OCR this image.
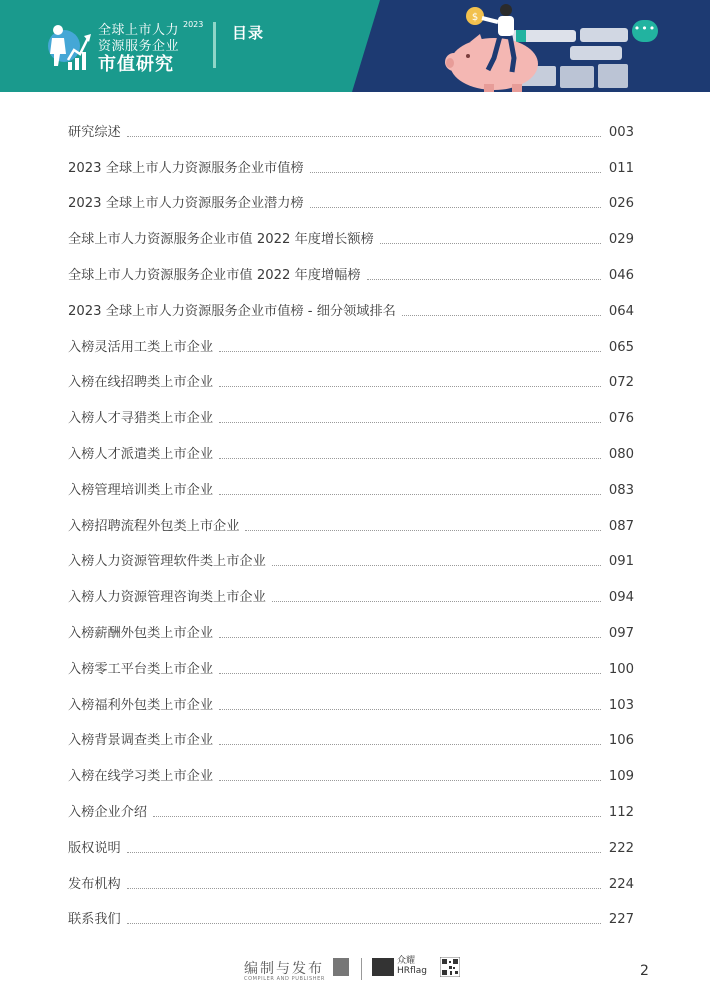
全球上市人力 2023
资源服务企业
市值研究
目录
$
•••
研究综述	003
2023 全球上市人力资源服务企业市值榜	011
2023 全球上市人力资源服务企业潜力榜	026
全球上市人力资源服务企业市值 2022 年度增长额榜	029
全球上市人力资源服务企业市值 2022 年度增幅榜	046
2023 全球上市人力资源服务企业市值榜 - 细分领域排名	064
入榜灵活用工类上市企业	065
入榜在线招聘类上市企业	072
入榜人才寻猎类上市企业	076
入榜人才派遣类上市企业	080
入榜管理培训类上市企业	083
入榜招聘流程外包类上市企业	087
入榜人力资源管理软件类上市企业	091
入榜人力资源管理咨询类上市企业	094
入榜薪酬外包类上市企业	097
入榜零工平台类上市企业	100
入榜福利外包类上市企业	103
入榜背景调查类上市企业	106
入榜在线学习类上市企业	109
入榜企业介绍	112
版权说明	222
发布机构	224
联系我们	227
编制与发布
COMPILER AND PUBLISHER
众耀
HRflag	2
